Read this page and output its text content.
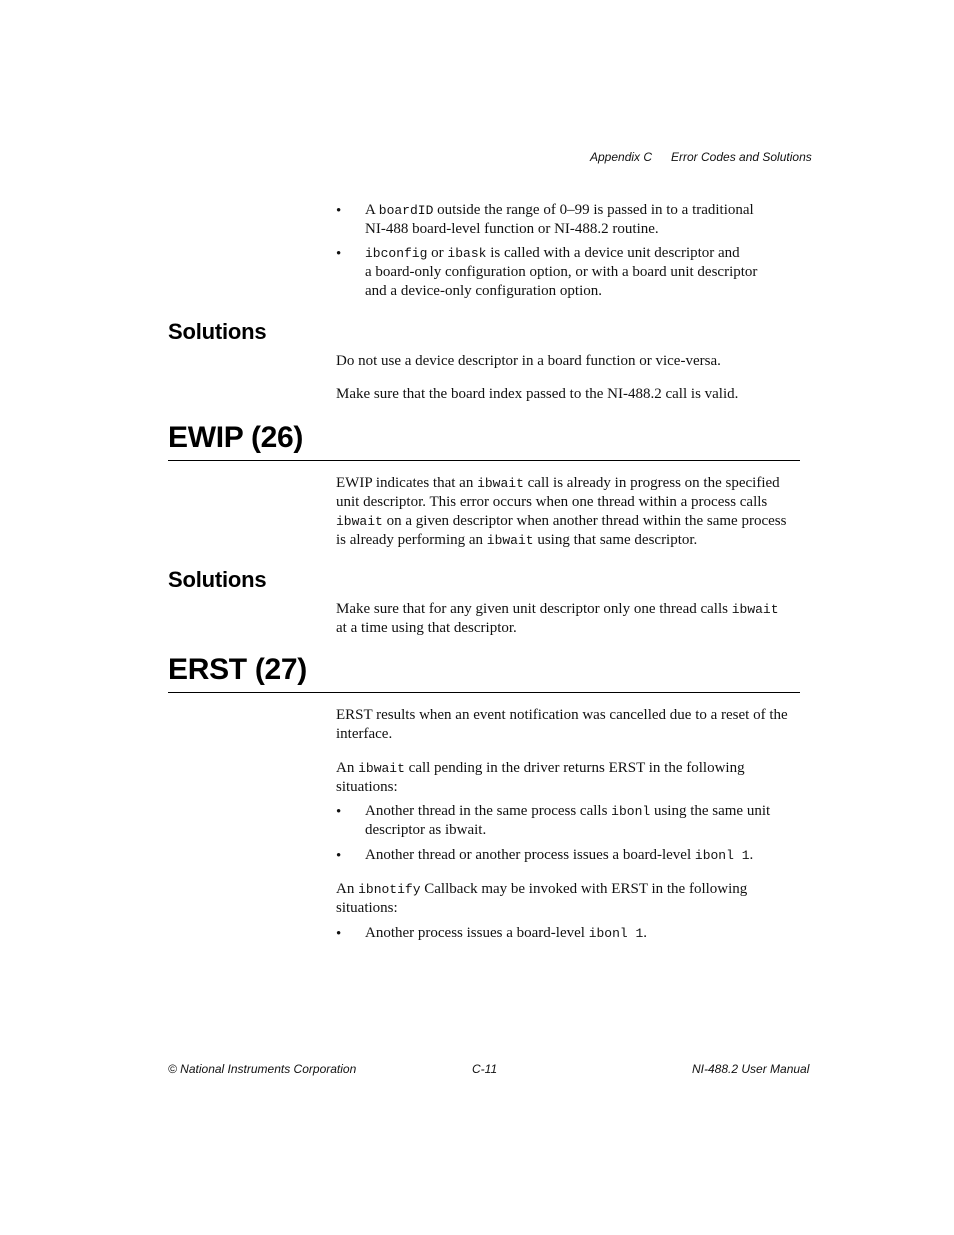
Appendix C Error Codes and Solutions
• A boardID outside the range of 0–99 is passed in to a traditional
NI-488 board-level function or NI-488.2 routine.
• ibconfig or ibask is called with a device unit descriptor and
a board-only configuration option, or with a board unit descriptor
and a device-only configuration option.
Solutions
Do not use a device descriptor in a board function or vice-versa.
Make sure that the board index passed to the NI-488.2 call is valid.
EWIP (26)
EWIP indicates that an ibwait call is already in progress on the specified
unit descriptor. This error occurs when one thread within a process calls
ibwait on a given descriptor when another thread within the same process
is already performing an ibwait using that same descriptor.
Solutions
Make sure that for any given unit descriptor only one thread calls ibwait
at a time using that descriptor.
ERST (27)
ERST results when an event notification was cancelled due to a reset of the
interface.
An ibwait call pending in the driver returns ERST in the following
situations:
• Another thread in the same process calls ibonl using the same unit
descriptor as ibwait.
• Another thread or another process issues a board-level ibonl 1.
An ibnotify Callback may be invoked with ERST in the following
situations:
• Another process issues a board-level ibonl 1.
© National Instruments Corporation	C-11	NI-488.2 User Manual
